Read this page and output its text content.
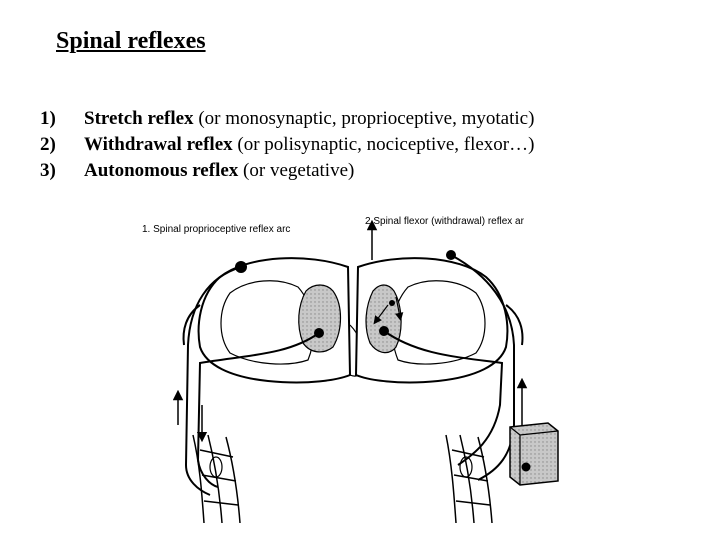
Spinal reflexes
1) Stretch reflex (or monosynaptic, proprioceptive, myotatic)
2) Withdrawal reflex (or polisynaptic, nociceptive, flexor…)
3) Autonomous reflex (or vegetative)
1. Spinal proprioceptive reflex arc
2.Spinal flexor (withdrawal) reflex ar
